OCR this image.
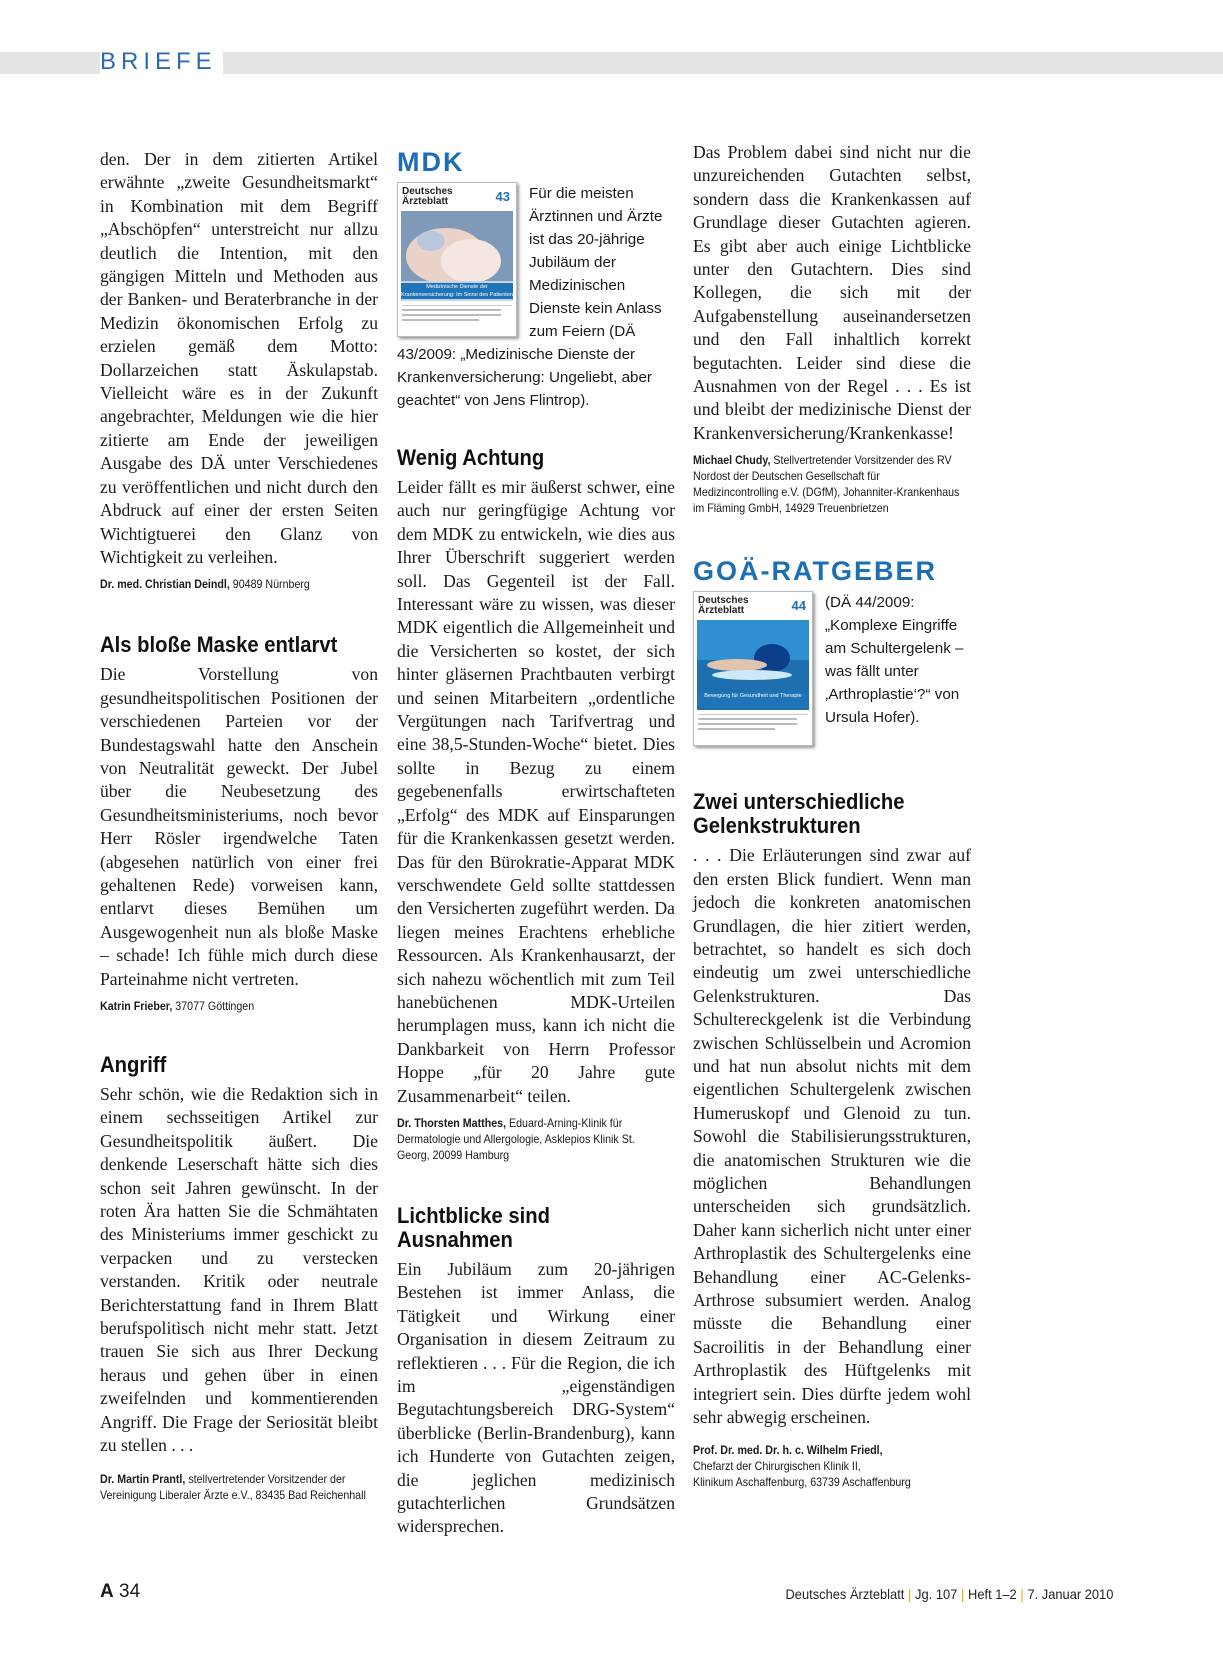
BRIEFE

den. Der in dem zitierten Artikel erwähnte „zweite Gesundheitsmarkt“ in Kombination mit dem Begriff „Abschöpfen“ unterstreicht nur allzu deutlich die Intention, mit den gängigen Mitteln und Methoden aus der Banken- und Beraterbranche in der Medizin ökonomischen Erfolg zu erzielen gemäß dem Motto: Dollarzeichen statt Äskulapstab. Vielleicht wäre es in der Zukunft angebrachter, Meldungen wie die hier zitierte am Ende der jeweiligen Ausgabe des DÄ unter Verschiedenes zu veröffentlichen und nicht durch den Abdruck auf einer der ersten Seiten Wichtigtuerei den Glanz von Wichtigkeit zu verleihen.

Dr. med. Christian Deindl, 90489 Nürnberg

Als bloße Maske entlarvt

Die Vorstellung von gesundheitspolitischen Positionen der verschiedenen Parteien vor der Bundestagswahl hatte den Anschein von Neutralität geweckt. Der Jubel über die Neubesetzung des Gesundheitsministeriums, noch bevor Herr Rösler irgendwelche Taten (abgesehen natürlich von einer frei gehaltenen Rede) vorweisen kann, entlarvt dieses Bemühen um Ausgewogenheit nun als bloße Maske – schade! Ich fühle mich durch diese Parteinahme nicht vertreten.

Katrin Frieber, 37077 Göttingen

Angriff

Sehr schön, wie die Redaktion sich in einem sechsseitigen Artikel zur Gesundheitspolitik äußert. Die denkende Leserschaft hätte sich dies schon seit Jahren gewünscht. In der roten Ära hatten Sie die Schmähtaten des Ministeriums immer geschickt zu verpacken und zu verstecken verstanden. Kritik oder neutrale Berichterstattung fand in Ihrem Blatt berufspolitisch nicht mehr statt. Jetzt trauen Sie sich aus Ihrer Deckung heraus und gehen über in einen zweifelnden und kommentierenden Angriff. Die Frage der Seriosität bleibt zu stellen . . .

Dr. Martin Prantl, stellvertretender Vorsitzender der Vereinigung Liberaler Ärzte e.V., 83435 Bad Reichenhall

MDK
Deutsches Ärzteblatt	43
Medizinische Dienste der Krankenversicherung: Im Sinne des Patienten

Für die meisten Ärztinnen und Ärzte ist das 20-jährige Jubiläum der Medizinischen Dienste kein Anlass zum Feiern (DÄ 43/2009: „Medizinische Dienste der Krankenversicherung: Ungeliebt, aber geachtet“ von Jens Flintrop).

Wenig Achtung

Leider fällt es mir äußerst schwer, eine auch nur geringfügige Achtung vor dem MDK zu entwickeln, wie dies aus Ihrer Überschrift suggeriert werden soll. Das Gegenteil ist der Fall. Interessant wäre zu wissen, was dieser MDK eigentlich die Allgemeinheit und die Versicherten so kostet, der sich hinter gläsernen Prachtbauten verbirgt und seinen Mitarbeitern „ordentliche Vergütungen nach Tarifvertrag und eine 38,5-Stunden-Woche“ bietet. Dies sollte in Bezug zu einem gegebenenfalls erwirtschafteten „Erfolg“ des MDK auf Einsparungen für die Krankenkassen gesetzt werden. Das für den Bürokratie-Apparat MDK verschwendete Geld sollte stattdessen den Versicherten zugeführt werden. Da liegen meines Erachtens erhebliche Ressourcen. Als Krankenhausarzt, der sich nahezu wöchentlich mit zum Teil hanebüchenen MDK-Urteilen herumplagen muss, kann ich nicht die Dankbarkeit von Herrn Professor Hoppe „für 20 Jahre gute Zusammenarbeit“ teilen.

Dr. Thorsten Matthes, Eduard-Arning-Klinik für Dermatologie und Allergologie, Asklepios Klinik St. Georg, 20099 Hamburg

Lichtblicke sind Ausnahmen

Ein Jubiläum zum 20-jährigen Bestehen ist immer Anlass, die Tätigkeit und Wirkung einer Organisation in diesem Zeitraum zu reflektieren . . . Für die Region, die ich im „eigenständigen Begutachtungsbereich DRG-System“ überblicke (Berlin-Brandenburg), kann ich Hunderte von Gutachten zeigen, die jeglichen medizinisch gutachterlichen Grundsätzen widersprechen.

Das Problem dabei sind nicht nur die unzureichenden Gutachten selbst, sondern dass die Krankenkassen auf Grundlage dieser Gutachten agieren. Es gibt aber auch einige Lichtblicke unter den Gutachtern. Dies sind Kollegen, die sich mit der Aufgabenstellung auseinandersetzen und den Fall inhaltlich korrekt begutachten. Leider sind diese die Ausnahmen von der Regel . . . Es ist und bleibt der medizinische Dienst der Krankenversicherung/Krankenkasse!

Michael Chudy, Stellvertretender Vorsitzender des RV Nordost der Deutschen Gesellschaft für Medizincontrolling e.V. (DGfM), Johanniter-Krankenhaus im Fläming GmbH, 14929 Treuenbrietzen

GOÄ-RATGEBER
Deutsches Ärzteblatt	44
Bewegung für Gesundheit und Therapie

(DÄ 44/2009: „Komplexe Eingriffe am Schultergelenk – was fällt unter ‚Arthroplastie‘?“ von Ursula Hofer).

Zwei unterschiedliche Gelenkstrukturen

. . . Die Erläuterungen sind zwar auf den ersten Blick fundiert. Wenn man jedoch die konkreten anatomischen Grundlagen, die hier zitiert werden, betrachtet, so handelt es sich doch eindeutig um zwei unterschiedliche Gelenkstrukturen. Das Schultereckgelenk ist die Verbindung zwischen Schlüsselbein und Acromion und hat nun absolut nichts mit dem eigentlichen Schultergelenk zwischen Humeruskopf und Glenoid zu tun. Sowohl die Stabilisierungsstrukturen, die anatomischen Strukturen wie die möglichen Behandlungen unterscheiden sich grundsätzlich. Daher kann sicherlich nicht unter einer Arthroplastik des Schultergelenks eine Behandlung einer AC-Gelenks-Arthrose subsumiert werden. Analog müsste die Behandlung einer Sacroilitis in der Behandlung einer Arthroplastik des Hüftgelenks mit integriert sein. Dies dürfte jedem wohl sehr abwegig erscheinen.

Prof. Dr. med. Dr. h. c. Wilhelm Friedl,
Chefarzt der Chirurgischen Klinik II,
Klinikum Aschaffenburg, 63739 Aschaffenburg

A 34	Deutsches Ärzteblatt | Jg. 107 | Heft 1–2 | 7. Januar 2010
